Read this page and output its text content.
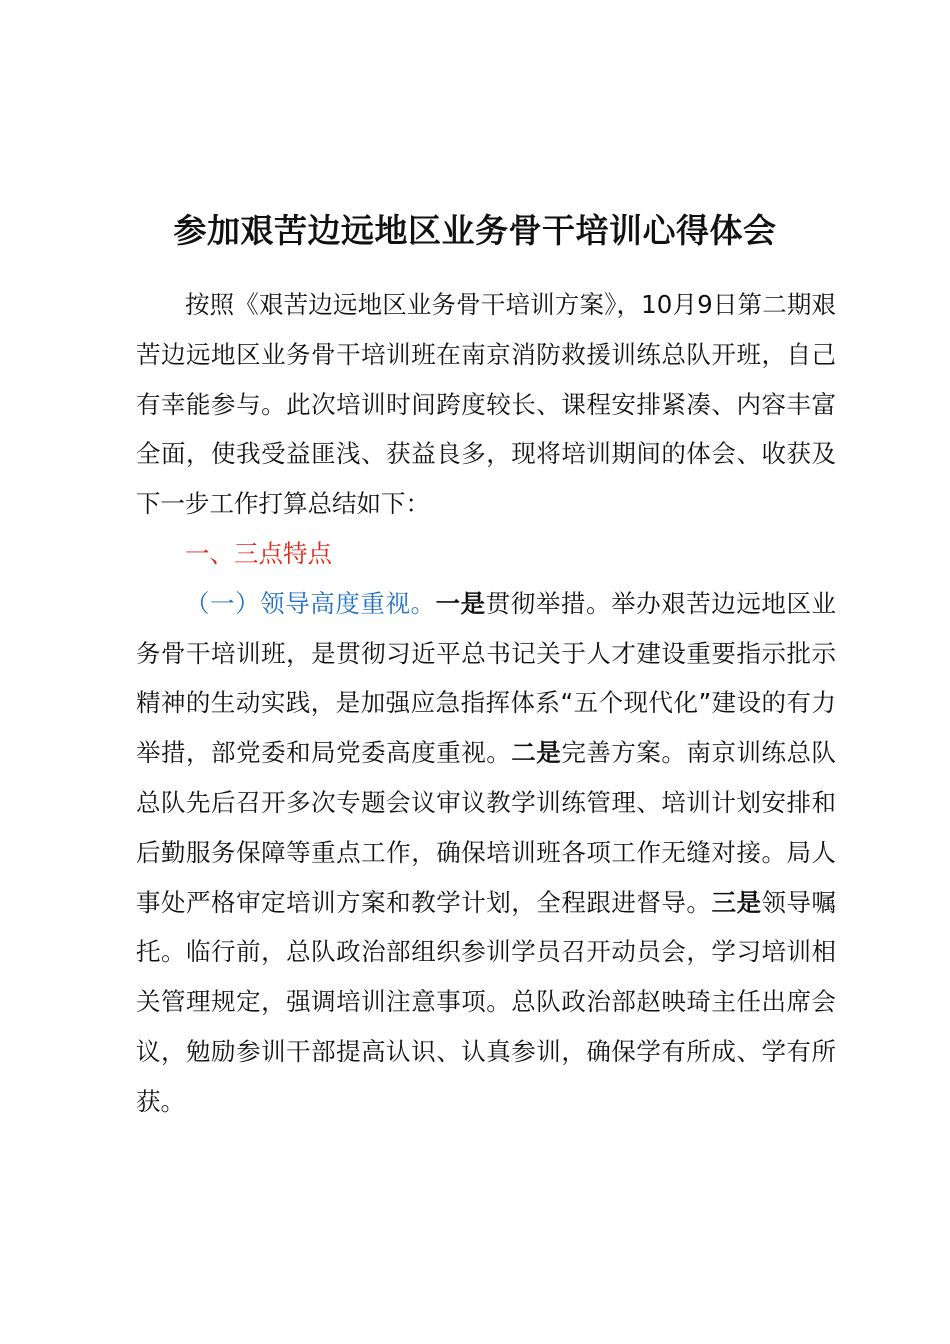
参加艰苦边远地区业务骨干培训心得体会

按照《艰苦边远地区业务骨干培训方案》，10月9日第二期艰苦边远地区业务骨干培训班在南京消防救援训练总队开班，自己有幸能参与。此次培训时间跨度较长、课程安排紧凑、内容丰富全面，使我受益匪浅、获益良多，现将培训期间的体会、收获及下一步工作打算总结如下：

一、三点特点

（一）领导高度重视。一是贯彻举措。举办艰苦边远地区业务骨干培训班，是贯彻习近平总书记关于人才建设重要指示批示精神的生动实践，是加强应急指挥体系“五个现代化”建设的有力举措，部党委和局党委高度重视。二是完善方案。南京训练总队总队先后召开多次专题会议审议教学训练管理、培训计划安排和后勤服务保障等重点工作，确保培训班各项工作无缝对接。局人事处严格审定培训方案和教学计划，全程跟进督导。三是领导嘱托。临行前，总队政治部组织参训学员召开动员会，学习培训相关管理规定，强调培训注意事项。总队政治部赵映琦主任出席会议，勉励参训干部提高认识、认真参训，确保学有所成、学有所获。
